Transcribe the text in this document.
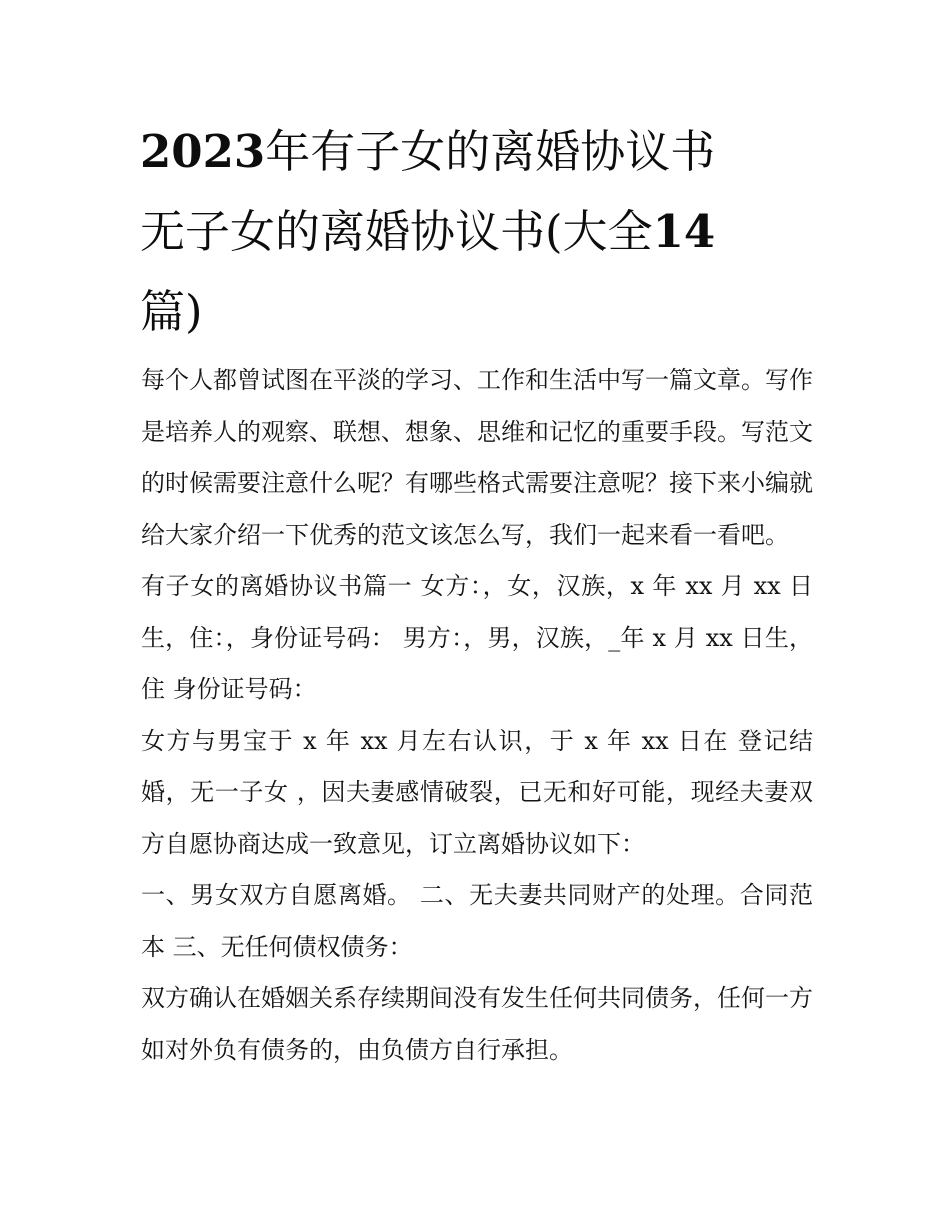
2023年有子女的离婚协议书
无子女的离婚协议书(大全14
篇)

每个人都曾试图在平淡的学习、工作和生活中写一篇文章。写作是培养人的观察、联想、想象、思维和记忆的重要手段。写范文的时候需要注意什么呢？有哪些格式需要注意呢？接下来小编就给大家介绍一下优秀的范文该怎么写，我们一起来看一看吧。

有子女的离婚协议书篇一 女方：，女，汉族，x 年 xx 月 xx 日生，住：，身份证号码： 男方：，男，汉族，_年 x 月 xx 日生，住 身份证号码：

女方与男宝于 x 年 xx 月左右认识，于 x 年 xx 日在 登记结婚，无一子女 ，因夫妻感情破裂，已无和好可能，现经夫妻双方自愿协商达成一致意见，订立离婚协议如下：

一、男女双方自愿离婚。 二、无夫妻共同财产的处理。合同范本 三、无任何债权债务：

双方确认在婚姻关系存续期间没有发生任何共同债务，任何一方如对外负有债务的，由负债方自行承担。
